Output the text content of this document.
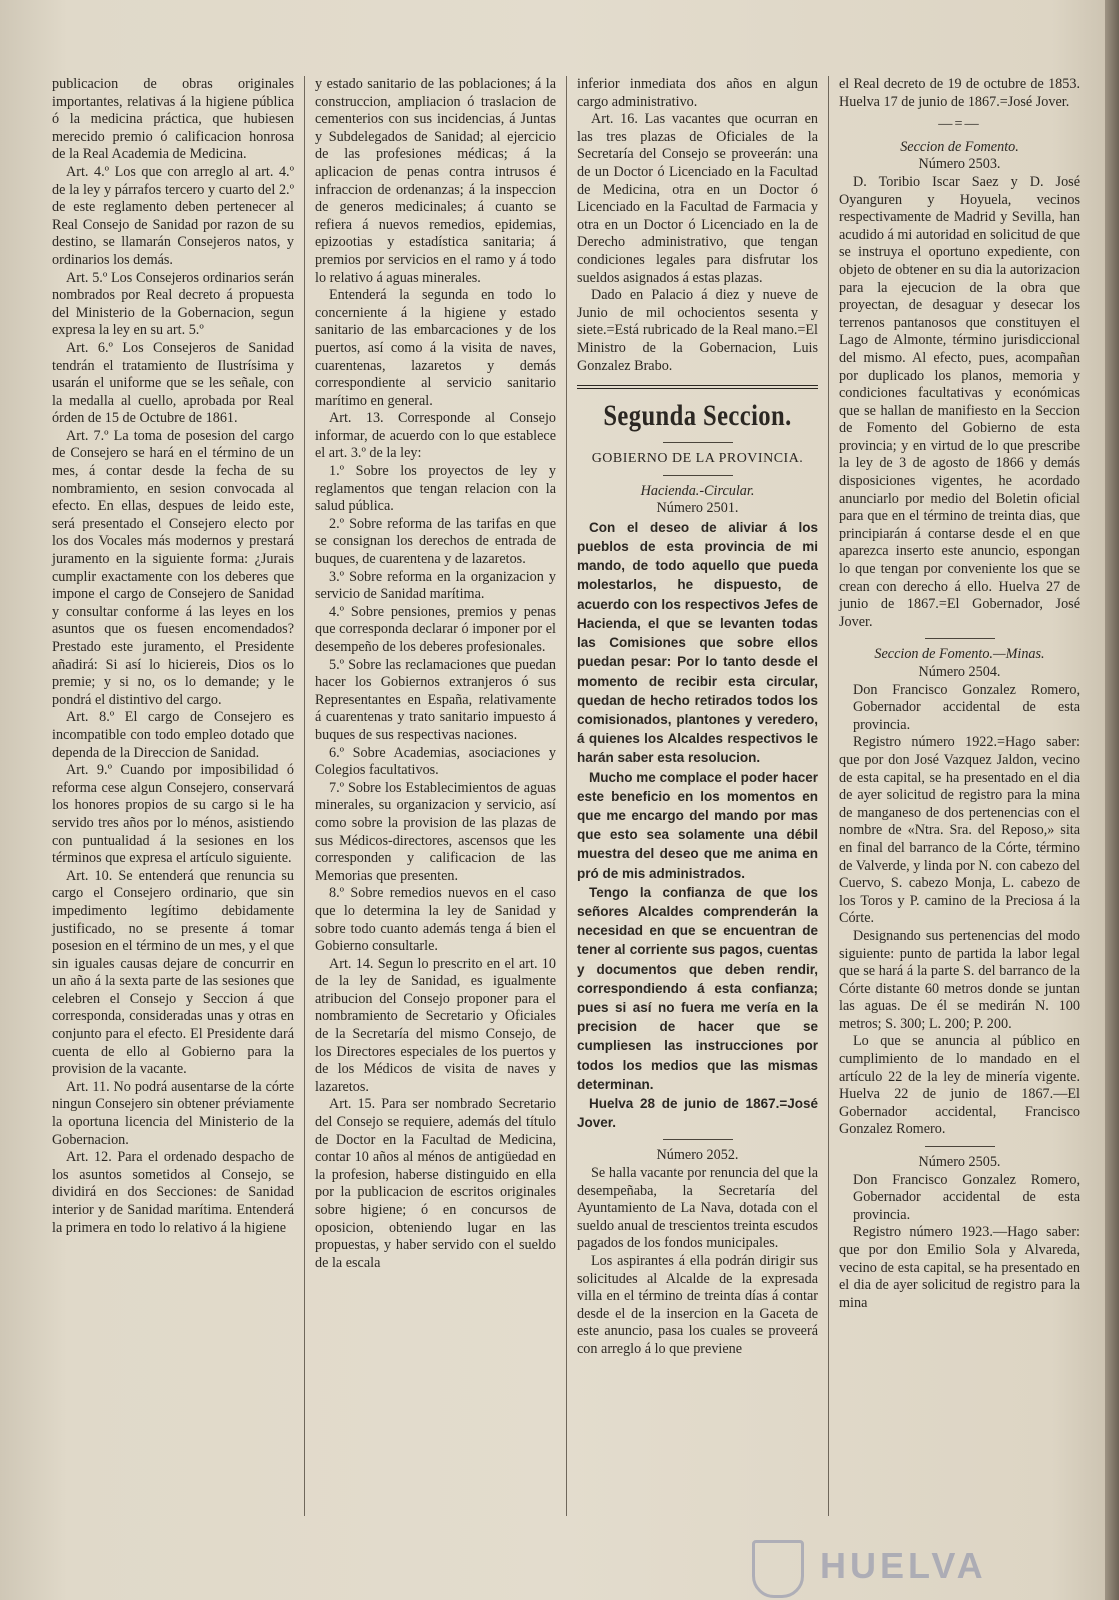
publicacion de obras originales importantes, relativas á la higiene pública ó la medicina práctica, que hubiesen merecido premio ó calificacion honrosa de la Real Academia de Medicina.

Art. 4.º Los que con arreglo al art. 4.º de la ley y párrafos tercero y cuarto del 2.º de este reglamento deben pertenecer al Real Consejo de Sanidad por razon de su destino, se llamarán Consejeros natos, y ordinarios los demás.

Art. 5.º Los Consejeros ordinarios serán nombrados por Real decreto á propuesta del Ministerio de la Gobernacion, segun expresa la ley en su art. 5.º

Art. 6.º Los Consejeros de Sanidad tendrán el tratamiento de Ilustrísima y usarán el uniforme que se les señale, con la medalla al cuello, aprobada por Real órden de 15 de Octubre de 1861.

Art. 7.º La toma de posesion del cargo de Consejero se hará en el término de un mes, á contar desde la fecha de su nombramiento, en sesion convocada al efecto. En ellas, despues de leido este, será presentado el Consejero electo por los dos Vocales más modernos y prestará juramento en la siguiente forma: ¿Jurais cumplir exactamente con los deberes que impone el cargo de Consejero de Sanidad y consultar conforme á las leyes en los asuntos que os fuesen encomendados? Prestado este juramento, el Presidente añadirá: Si así lo hiciereis, Dios os lo premie; y si no, os lo demande; y le pondrá el distintivo del cargo.

Art. 8.º El cargo de Consejero es incompatible con todo empleo dotado que dependa de la Direccion de Sanidad.

Art. 9.º Cuando por imposibilidad ó reforma cese algun Consejero, conservará los honores propios de su cargo si le ha servido tres años por lo ménos, asistiendo con puntualidad á la sesiones en los términos que expresa el artículo siguiente.

Art. 10. Se entenderá que renuncia su cargo el Consejero ordinario, que sin impedimento legítimo debidamente justificado, no se presente á tomar posesion en el término de un mes, y el que sin iguales causas dejare de concurrir en un año á la sexta parte de las sesiones que celebren el Consejo y Seccion á que corresponda, consideradas unas y otras en conjunto para el efecto. El Presidente dará cuenta de ello al Gobierno para la provision de la vacante.

Art. 11. No podrá ausentarse de la córte ningun Consejero sin obtener préviamente la oportuna licencia del Ministerio de la Gobernacion.

Art. 12. Para el ordenado despacho de los asuntos sometidos al Consejo, se dividirá en dos Secciones: de Sanidad interior y de Sanidad marítima. Entenderá la primera en todo lo relativo á la higiene

y estado sanitario de las poblaciones; á la construccion, ampliacion ó traslacion de cementerios con sus incidencias, á Juntas y Subdelegados de Sanidad; al ejercicio de las profesiones médicas; á la aplicacion de penas contra intrusos é infraccion de ordenanzas; á la inspeccion de generos medicinales; á cuanto se refiera á nuevos remedios, epidemias, epizootias y estadística sanitaria; á premios por servicios en el ramo y á todo lo relativo á aguas minerales.

Entenderá la segunda en todo lo concerniente á la higiene y estado sanitario de las embarcaciones y de los puertos, así como á la visita de naves, cuarentenas, lazaretos y demás correspondiente al servicio sanitario marítimo en general.

Art. 13. Corresponde al Consejo informar, de acuerdo con lo que establece el art. 3.º de la ley:

1.º Sobre los proyectos de ley y reglamentos que tengan relacion con la salud pública.

2.º Sobre reforma de las tarifas en que se consignan los derechos de entrada de buques, de cuarentena y de lazaretos.

3.º Sobre reforma en la organizacion y servicio de Sanidad marítima.

4.º Sobre pensiones, premios y penas que corresponda declarar ó imponer por el desempeño de los deberes profesionales.

5.º Sobre las reclamaciones que puedan hacer los Gobiernos extranjeros ó sus Representantes en España, relativamente á cuarentenas y trato sanitario impuesto á buques de sus respectivas naciones.

6.º Sobre Academias, asociaciones y Colegios facultativos.

7.º Sobre los Establecimientos de aguas minerales, su organizacion y servicio, así como sobre la provision de las plazas de sus Médicos-directores, ascensos que les corresponden y calificacion de las Memorias que presenten.

8.º Sobre remedios nuevos en el caso que lo determina la ley de Sanidad y sobre todo cuanto además tenga á bien el Gobierno consultarle.

Art. 14. Segun lo prescrito en el art. 10 de la ley de Sanidad, es igualmente atribucion del Consejo proponer para el nombramiento de Secretario y Oficiales de la Secretaría del mismo Consejo, de los Directores especiales de los puertos y de los Médicos de visita de naves y lazaretos.

Art. 15. Para ser nombrado Secretario del Consejo se requiere, además del título de Doctor en la Facultad de Medicina, contar 10 años al ménos de antigüedad en la profesion, haberse distinguido en ella por la publicacion de escritos originales sobre higiene; ó en concursos de oposicion, obteniendo lugar en las propuestas, y haber servido con el sueldo de la escala

inferior inmediata dos años en algun cargo administrativo.

Art. 16. Las vacantes que ocurran en las tres plazas de Oficiales de la Secretaría del Consejo se proveerán: una de un Doctor ó Licenciado en la Facultad de Medicina, otra en un Doctor ó Licenciado en la Facultad de Farmacia y otra en un Doctor ó Licenciado en la de Derecho administrativo, que tengan condiciones legales para disfrutar los sueldos asignados á estas plazas.

Dado en Palacio á diez y nueve de Junio de mil ochocientos sesenta y siete.=Está rubricado de la Real mano.=El Ministro de la Gobernacion, Luis Gonzalez Brabo.

Segunda Seccion.
GOBIERNO DE LA PROVINCIA.

Hacienda.-Circular.

Número 2501.

Con el deseo de aliviar á los pueblos de esta provincia de mi mando, de todo aquello que pueda molestarlos, he dispuesto, de acuerdo con los respectivos Jefes de Hacienda, el que se levanten todas las Comisiones que sobre ellos puedan pesar: Por lo tanto desde el momento de recibir esta circular, quedan de hecho retirados todos los comisionados, plantones y veredero, á quienes los Alcaldes respectivos le harán saber esta resolucion.

Mucho me complace el poder hacer este beneficio en los momentos en que me encargo del mando por mas que esto sea solamente una débil muestra del deseo que me anima en pró de mis administrados.

Tengo la confianza de que los señores Alcaldes comprenderán la necesidad en que se encuentran de tener al corriente sus pagos, cuentas y documentos que deben rendir, correspondiendo á esta confianza; pues si así no fuera me vería en la precision de hacer que se cumpliesen las instrucciones por todos los medios que las mismas determinan.

Huelva 28 de junio de 1867.=José Jover.

Número 2052.

Se halla vacante por renuncia del que la desempeñaba, la Secretaría del Ayuntamiento de La Nava, dotada con el sueldo anual de trescientos treinta escudos pagados de los fondos municipales.

Los aspirantes á ella podrán dirigir sus solicitudes al Alcalde de la expresada villa en el término de treinta días á contar desde el de la insercion en la Gaceta de este anuncio, pasa los cuales se proveerá con arreglo á lo que previene

el Real decreto de 19 de octubre de 1853. Huelva 17 de junio de 1867.=José Jover.

—=—

Seccion de Fomento.

Número 2503.

D. Toribio Iscar Saez y D. José Oyanguren y Hoyuela, vecinos respectivamente de Madrid y Sevilla, han acudido á mi autoridad en solicitud de que se instruya el oportuno expediente, con objeto de obtener en su dia la autorizacion para la ejecucion de la obra que proyectan, de desaguar y desecar los terrenos pantanosos que constituyen el Lago de Almonte, término jurisdiccional del mismo. Al efecto, pues, acompañan por duplicado los planos, memoria y condiciones facultativas y económicas que se hallan de manifiesto en la Seccion de Fomento del Gobierno de esta provincia; y en virtud de lo que prescribe la ley de 3 de agosto de 1866 y demás disposiciones vigentes, he acordado anunciarlo por medio del Boletin oficial para que en el término de treinta dias, que principiarán á contarse desde el en que aparezca inserto este anuncio, espongan lo que tengan por conveniente los que se crean con derecho á ello. Huelva 27 de junio de 1867.=El Gobernador, José Jover.

Seccion de Fomento.—Minas.

Número 2504.

Don Francisco Gonzalez Romero, Gobernador accidental de esta provincia.

Registro número 1922.=Hago saber: que por don José Vazquez Jaldon, vecino de esta capital, se ha presentado en el dia de ayer solicitud de registro para la mina de manganeso de dos pertenencias con el nombre de «Ntra. Sra. del Reposo,» sita en final del barranco de la Córte, término de Valverde, y linda por N. con cabezo del Cuervo, S. cabezo Monja, L. cabezo de los Toros y P. camino de la Preciosa á la Córte.

Designando sus pertenencias del modo siguiente: punto de partida la labor legal que se hará á la parte S. del barranco de la Córte distante 60 metros donde se juntan las aguas. De él se medirán N. 100 metros; S. 300; L. 200; P. 200.

Lo que se anuncia al público en cumplimiento de lo mandado en el artículo 22 de la ley de minería vigente. Huelva 22 de junio de 1867.—El Gobernador accidental, Francisco Gonzalez Romero.

Número 2505.

Don Francisco Gonzalez Romero, Gobernador accidental de esta provincia.

Registro número 1923.—Hago saber: que por don Emilio Sola y Alvareda, vecino de esta capital, se ha presentado en el dia de ayer solicitud de registro para la mina

HUELVA
